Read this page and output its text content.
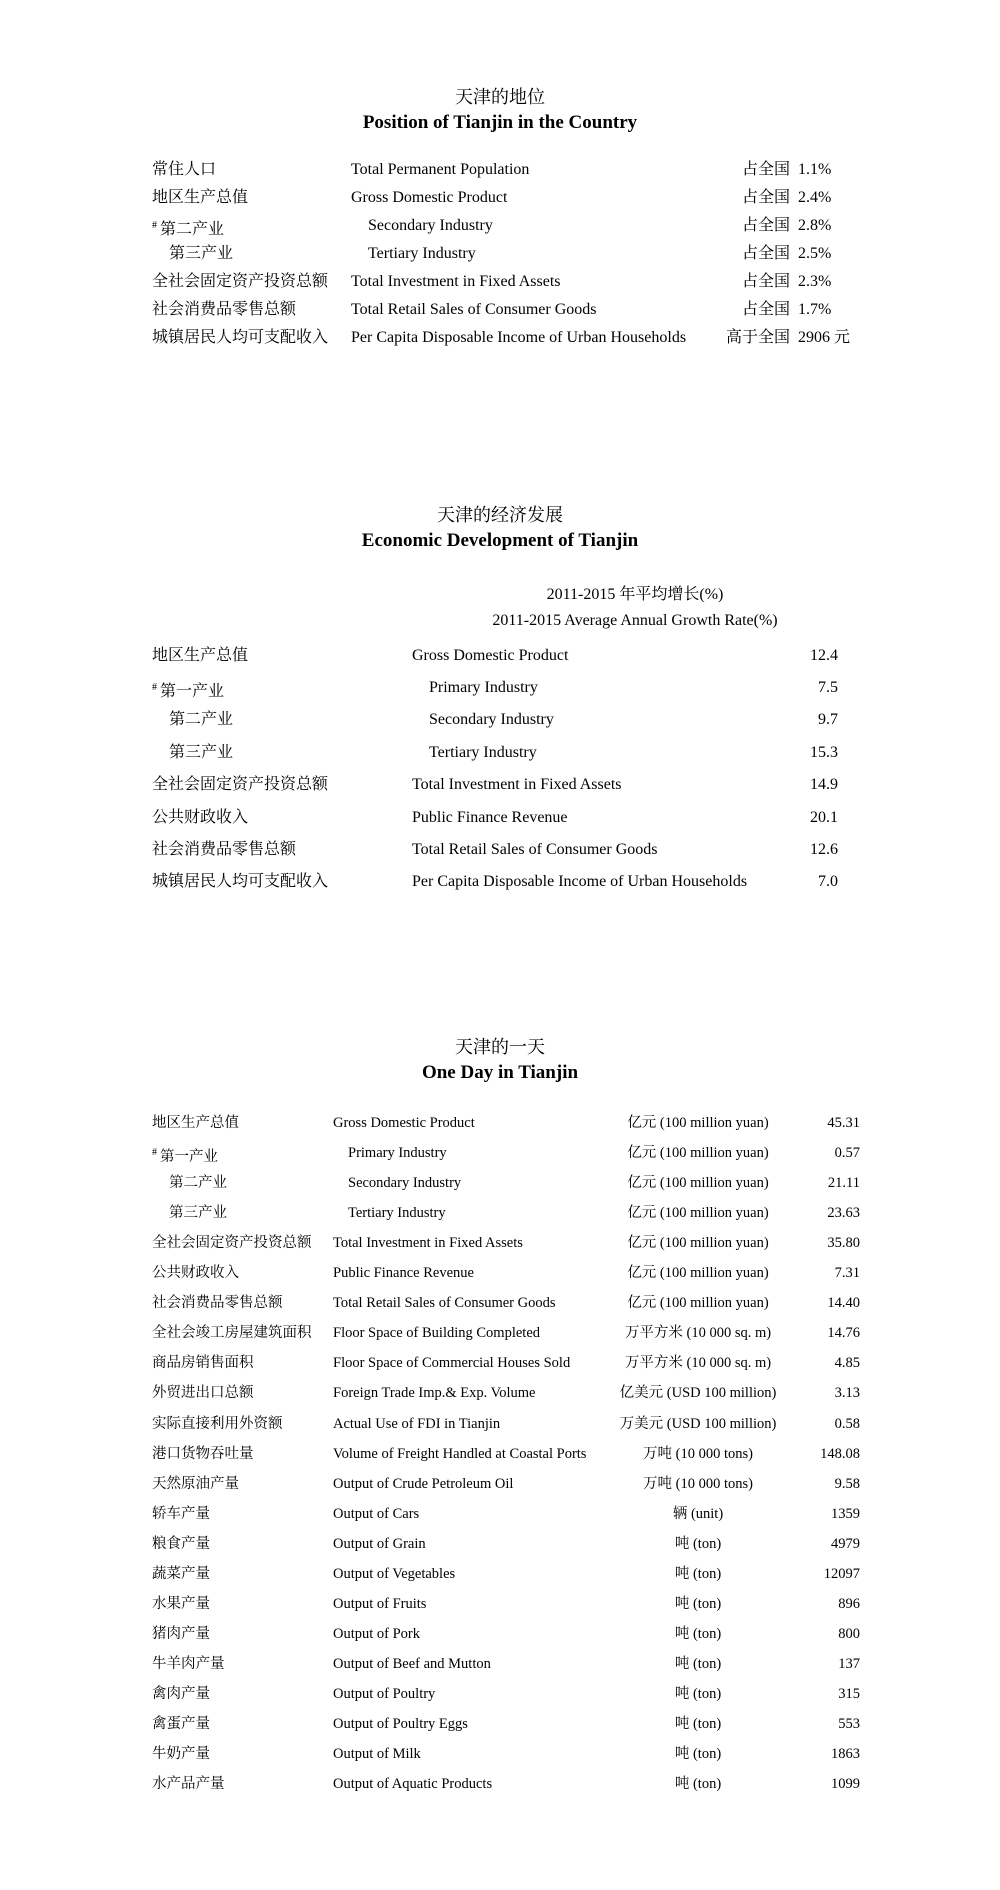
天津的地位
Position of Tianjin in the Country
常住人口	Total Permanent Population	占全国 1.1%
地区生产总值	Gross Domestic Product	占全国 2.4%
# 第二产业	Secondary Industry	占全国 2.8%
第三产业	Tertiary Industry	占全国 2.5%
全社会固定资产投资总额 Total Investment in Fixed Assets	占全国 2.3%
社会消费品零售总额	Total Retail Sales of Consumer Goods	占全国 1.7%
城镇居民人均可支配收入 Per Capita Disposable Income of Urban Households 高于全国 2906 元
天津的经济发展
Economic Development of Tianjin
2011-2015 年平均增长(%)
2011-2015 Average Annual Growth Rate(%)
地区生产总值	Gross Domestic Product	12.4
# 第一产业	Primary Industry	7.5
第二产业	Secondary Industry	9.7
第三产业	Tertiary Industry	15.3
全社会固定资产投资总额	Total Investment in Fixed Assets	14.9
公共财政收入	Public Finance Revenue	20.1
社会消费品零售总额	Total Retail Sales of Consumer Goods	12.6
城镇居民人均可支配收入	Per Capita Disposable Income of Urban Households	7.0
天津的一天
One Day in Tianjin
地区生产总值	Gross Domestic Product	亿元 (100 million yuan)	45.31
# 第一产业	Primary Industry	亿元 (100 million yuan)	0.57
第二产业	Secondary Industry	亿元 (100 million yuan)	21.11
第三产业	Tertiary Industry	亿元 (100 million yuan)	23.63
全社会固定资产投资总额 Total Investment in Fixed Assets	亿元 (100 million yuan)	35.80
公共财政收入	Public Finance Revenue	亿元 (100 million yuan)	7.31
社会消费品零售总额	Total Retail Sales of Consumer Goods	亿元 (100 million yuan)	14.40
全社会竣工房屋建筑面积 Floor Space of Building Completed	万平方米 (10 000 sq. m)	14.76
商品房销售面积	Floor Space of Commercial Houses Sold	万平方米 (10 000 sq. m)	4.85
外贸进出口总额	Foreign Trade Imp.& Exp. Volume	亿美元 (USD 100 million)	3.13
实际直接利用外资额	Actual Use of FDI in Tianjin	万美元 (USD 100 million)	0.58
港口货物吞吐量	Volume of Freight Handled at Coastal Ports	万吨 (10 000 tons)	148.08
天然原油产量	Output of Crude Petroleum Oil	万吨 (10 000 tons)	9.58
轿车产量	Output of Cars	辆 (unit)	1359
粮食产量	Output of Grain	吨 (ton)	4979
蔬菜产量	Output of Vegetables	吨 (ton)	12097
水果产量	Output of Fruits	吨 (ton)	896
猪肉产量	Output of Pork	吨 (ton)	800
牛羊肉产量	Output of Beef and Mutton	吨 (ton)	137
禽肉产量	Output of Poultry	吨 (ton)	315
禽蛋产量	Output of Poultry Eggs	吨 (ton)	553
牛奶产量	Output of Milk	吨 (ton)	1863
水产品产量	Output of Aquatic Products	吨 (ton)	1099
